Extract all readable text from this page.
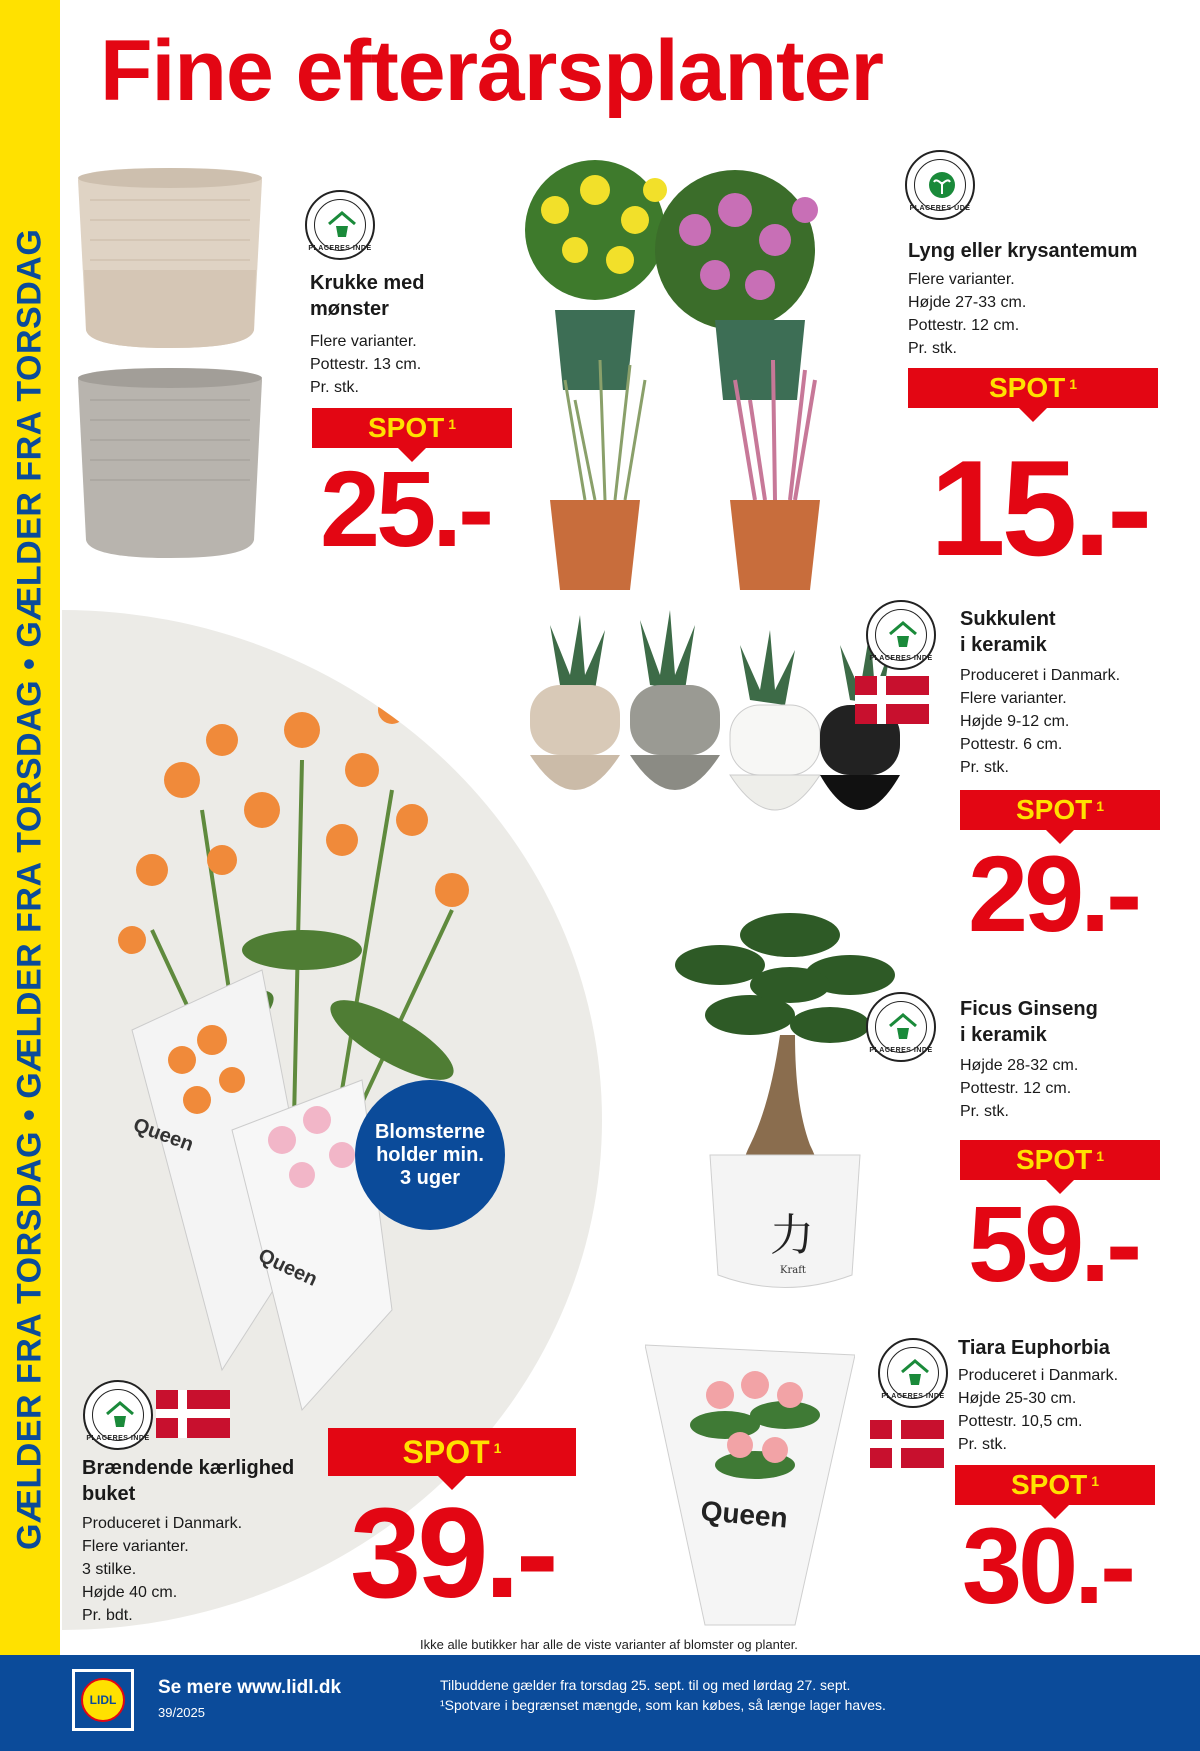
GÆLDER FRA TORSDAG • GÆLDER FRA TORSDAG • GÆLDER FRA TORSDAG
Fine efterårsplanter
PLACERES INDE
Krukke med
mønster
Flere varianter.
Pottestr. 13 cm.
Pr. stk.
SPOT $^1$
25.-
PLACERES UDE
Lyng eller krysantemum
Flere varianter.
Højde 27-33 cm.
Pottestr. 12 cm.
Pr. stk.
SPOT $^1$
15.-
Queen
Queen
Blomsterne holder min. 3 uger
PLACERES INDE
Sukkulent
i keramik
Produceret i Danmark.
Flere varianter.
Højde 9-12 cm.
Pottestr. 6 cm.
Pr. stk.
SPOT $^1$
29.-
力
Kraft
PLACERES INDE
Ficus Ginseng
i keramik
Højde 28-32 cm.
Pottestr. 12 cm.
Pr. stk.
SPOT $^1$
59.-
Queen
PLACERES INDE
Tiara Euphorbia
Produceret i Danmark.
Højde 25-30 cm.
Pottestr. 10,5 cm.
Pr. stk.
SPOT $^1$
30.-
PLACERES INDE
Brændende kærlighed
buket
Produceret i Danmark.
Flere varianter.
3 stilke.
Højde 40 cm.
Pr. bdt.
SPOT $^1$
39.-
Ikke alle butikker har alle de viste varianter af blomster og planter.
LIDL
Se mere www.lidl.dk
39/2025
Tilbuddene gælder fra torsdag 25. sept. til og med lørdag 27. sept.
¹Spotvare i begrænset mængde, som kan købes, så længe lager haves.
